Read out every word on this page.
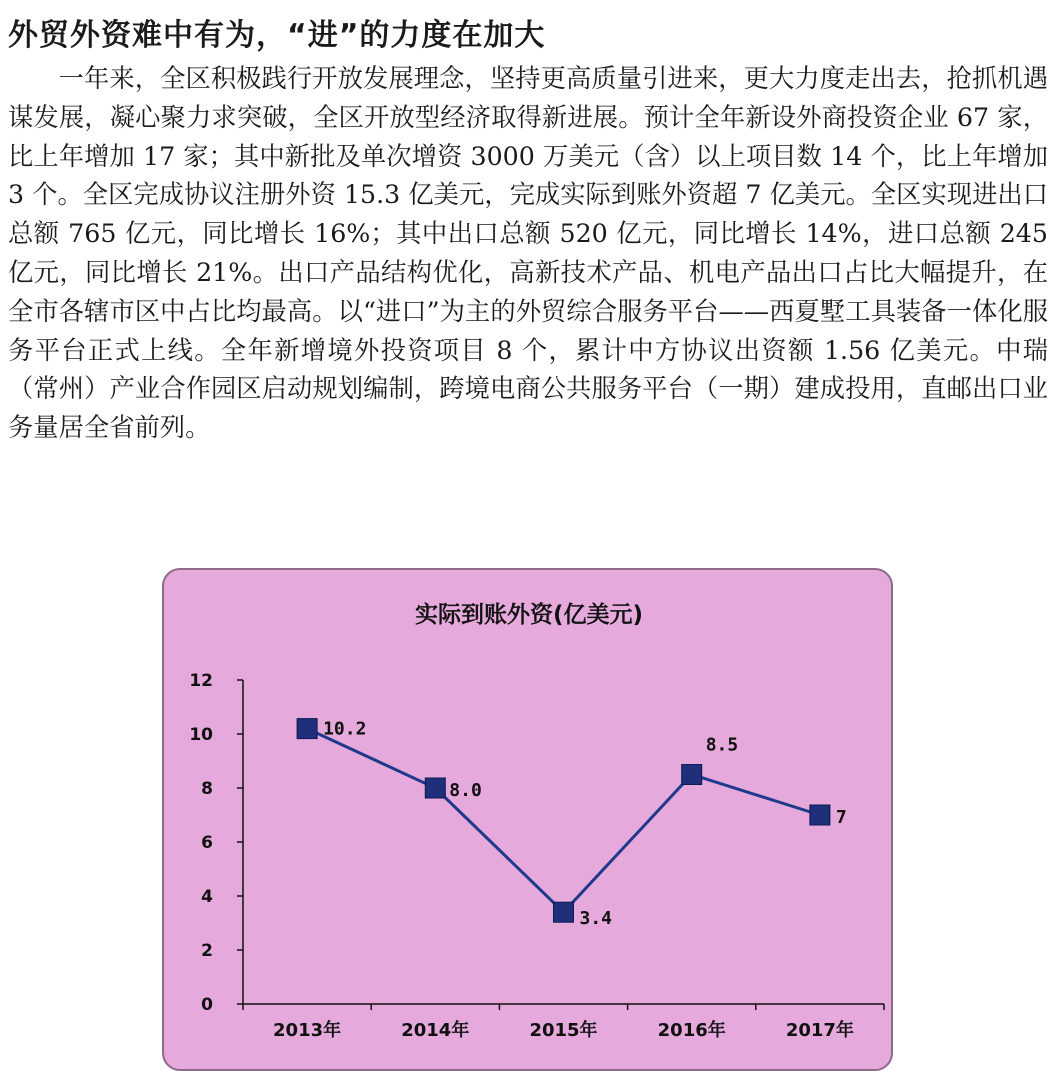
外贸外资难中有为，“进”的力度在加大

一年来，全区积极践行开放发展理念，坚持更高质量引进来，更大力度走出去，抢抓机遇谋发展，凝心聚力求突破，全区开放型经济取得新进展。预计全年新设外商投资企业 67 家，比上年增加 17 家；其中新批及单次增资 3000 万美元（含）以上项目数 14 个，比上年增加 3 个。全区完成协议注册外资 15.3 亿美元，完成实际到账外资超 7 亿美元。全区实现进出口总额 765 亿元，同比增长 16%；其中出口总额 520 亿元，同比增长 14%，进口总额 245 亿元，同比增长 21%。出口产品结构优化，高新技术产品、机电产品出口占比大幅提升，在全市各辖市区中占比均最高。以“进口”为主的外贸综合服务平台——西夏墅工具装备一体化服务平台正式上线。全年新增境外投资项目 8 个，累计中方协议出资额 1.56 亿美元。中瑞（常州）产业合作园区启动规划编制，跨境电商公共服务平台（一期）建成投用，直邮出口业务量居全省前列。

实际到账外资(亿美元)
0
2
4
6
8
10
12
2013年	2014年	2015年	2016年	2017年
10.2
8.0
3.4
8.5
7
